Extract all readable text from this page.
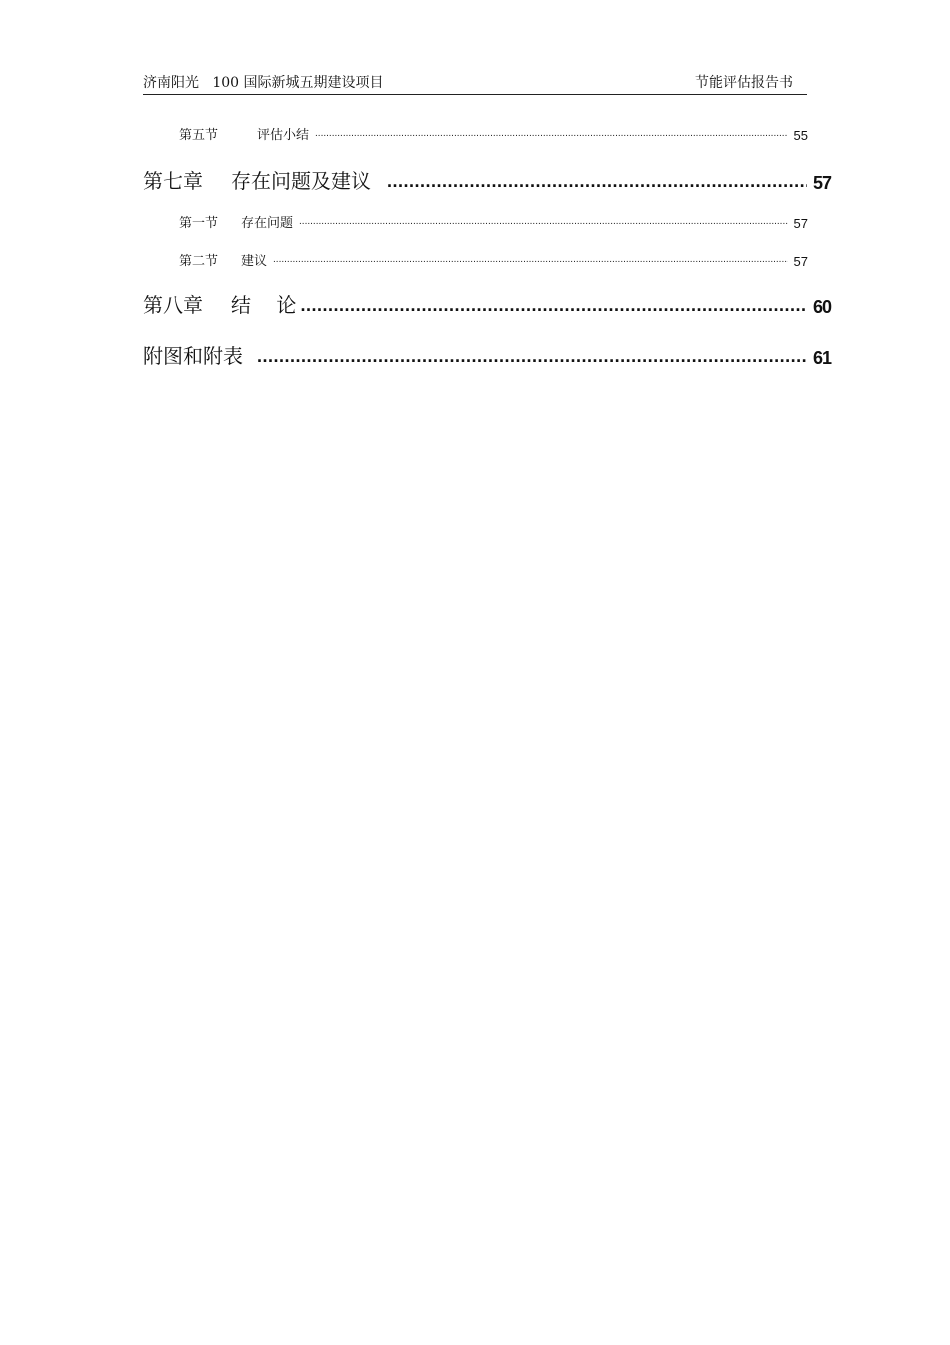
济南阳光   100 国际新城五期建设项目	节能评估报告书
第五节	评估小结 .....	55
第七章 存在问题及建议 .....	57
第一节 存在问题 .....	57
第二节 建议 .....	57
第八章 结    论 .....	60
附图和附表 .....	61
